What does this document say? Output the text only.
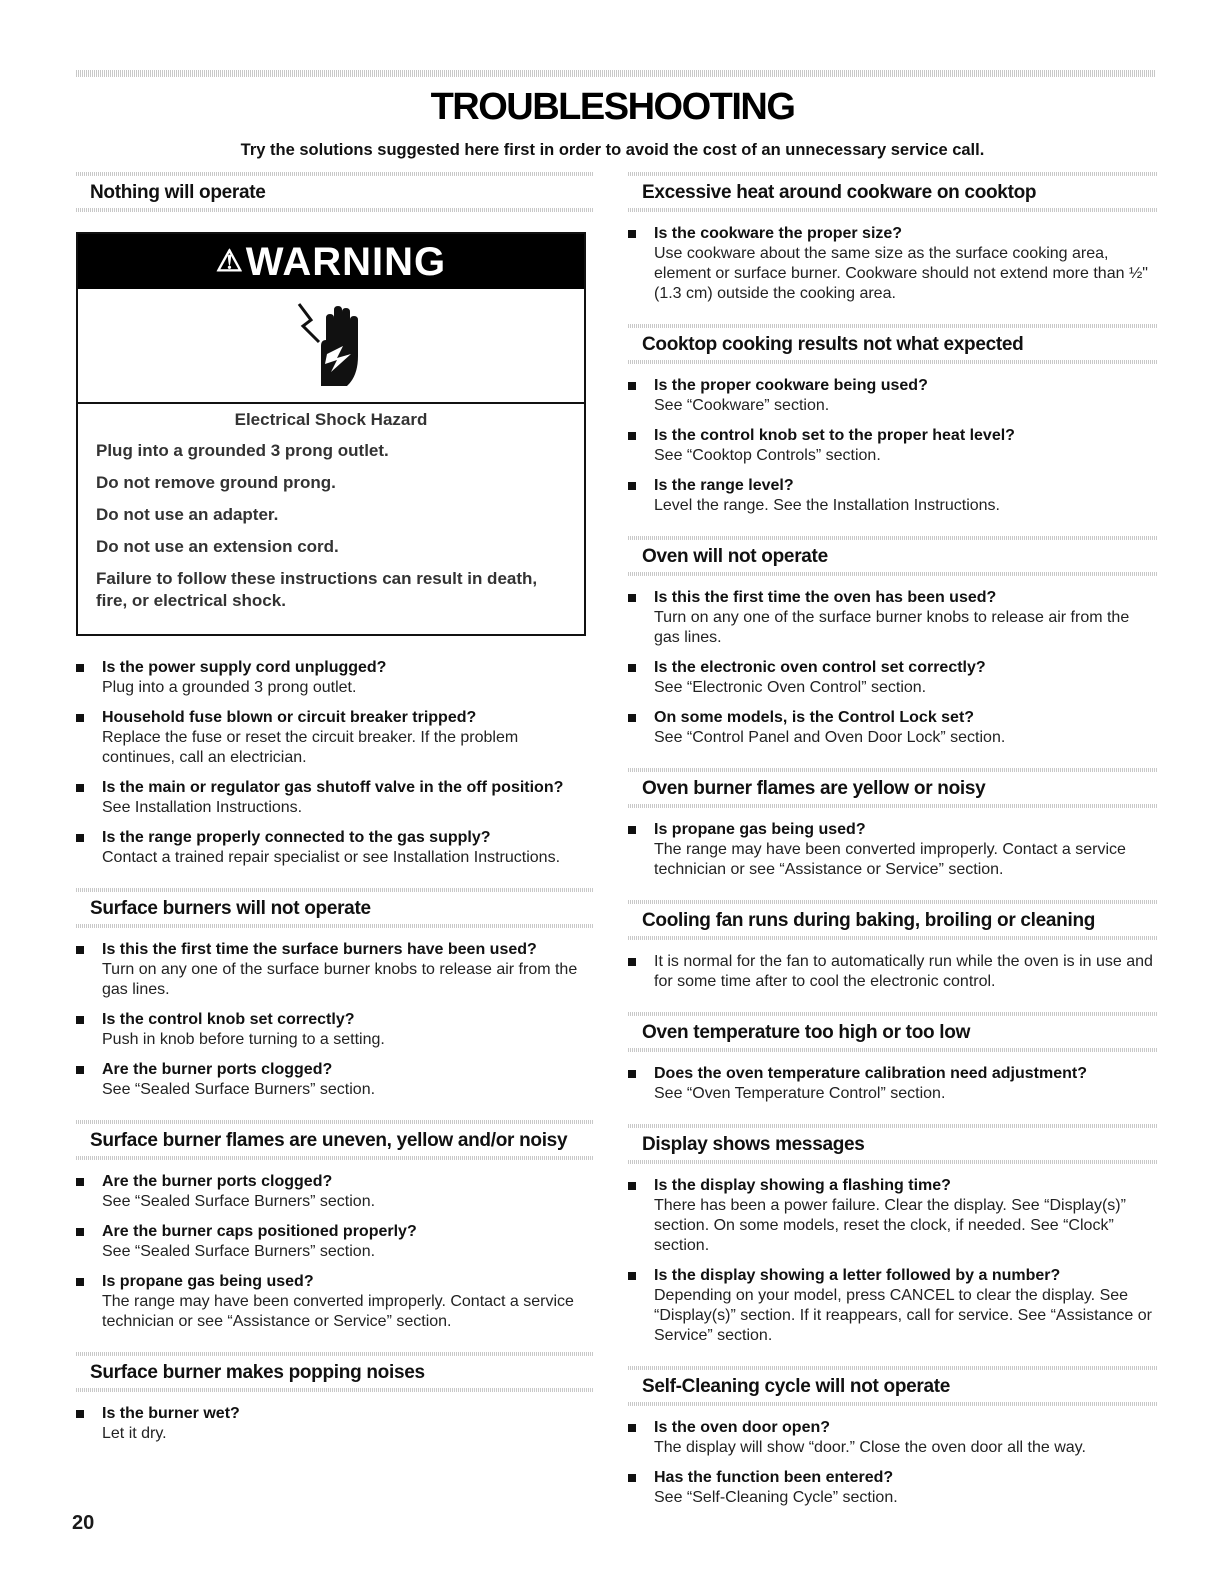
TROUBLESHOOTING
Try the solutions suggested here first in order to avoid the cost of an unnecessary service call.
Nothing will operate
⚠WARNING
Electrical Shock Hazard
Plug into a grounded 3 prong outlet.
Do not remove ground prong.
Do not use an adapter.
Do not use an extension cord.
Failure to follow these instructions can result in death, fire, or electrical shock.
Is the power supply cord unplugged?
Plug into a grounded 3 prong outlet.
Household fuse blown or circuit breaker tripped?
Replace the fuse or reset the circuit breaker. If the problem continues, call an electrician.
Is the main or regulator gas shutoff valve in the off position?
See Installation Instructions.
Is the range properly connected to the gas supply?
Contact a trained repair specialist or see Installation Instructions.
Surface burners will not operate
Is this the first time the surface burners have been used?
Turn on any one of the surface burner knobs to release air from the gas lines.
Is the control knob set correctly?
Push in knob before turning to a setting.
Are the burner ports clogged?
See “Sealed Surface Burners” section.
Surface burner flames are uneven, yellow and/or noisy
Are the burner ports clogged?
See “Sealed Surface Burners” section.
Are the burner caps positioned properly?
See “Sealed Surface Burners” section.
Is propane gas being used?
The range may have been converted improperly. Contact a service technician or see “Assistance or Service” section.
Surface burner makes popping noises
Is the burner wet?
Let it dry.
Excessive heat around cookware on cooktop
Is the cookware the proper size?
Use cookware about the same size as the surface cooking area, element or surface burner. Cookware should not extend more than ½" (1.3 cm) outside the cooking area.
Cooktop cooking results not what expected
Is the proper cookware being used?
See “Cookware” section.
Is the control knob set to the proper heat level?
See “Cooktop Controls” section.
Is the range level?
Level the range. See the Installation Instructions.
Oven will not operate
Is this the first time the oven has been used?
Turn on any one of the surface burner knobs to release air from the gas lines.
Is the electronic oven control set correctly?
See “Electronic Oven Control” section.
On some models, is the Control Lock set?
See “Control Panel and Oven Door Lock” section.
Oven burner flames are yellow or noisy
Is propane gas being used?
The range may have been converted improperly. Contact a service technician or see “Assistance or Service” section.
Cooling fan runs during baking, broiling or cleaning
It is normal for the fan to automatically run while the oven is in use and for some time after to cool the electronic control.
Oven temperature too high or too low
Does the oven temperature calibration need adjustment?
See “Oven Temperature Control” section.
Display shows messages
Is the display showing a flashing time?
There has been a power failure. Clear the display. See “Display(s)” section. On some models, reset the clock, if needed. See “Clock” section.
Is the display showing a letter followed by a number?
Depending on your model, press CANCEL to clear the display. See “Display(s)” section. If it reappears, call for service. See “Assistance or Service” section.
Self-Cleaning cycle will not operate
Is the oven door open?
The display will show “door.” Close the oven door all the way.
Has the function been entered?
See “Self-Cleaning Cycle” section.
20
